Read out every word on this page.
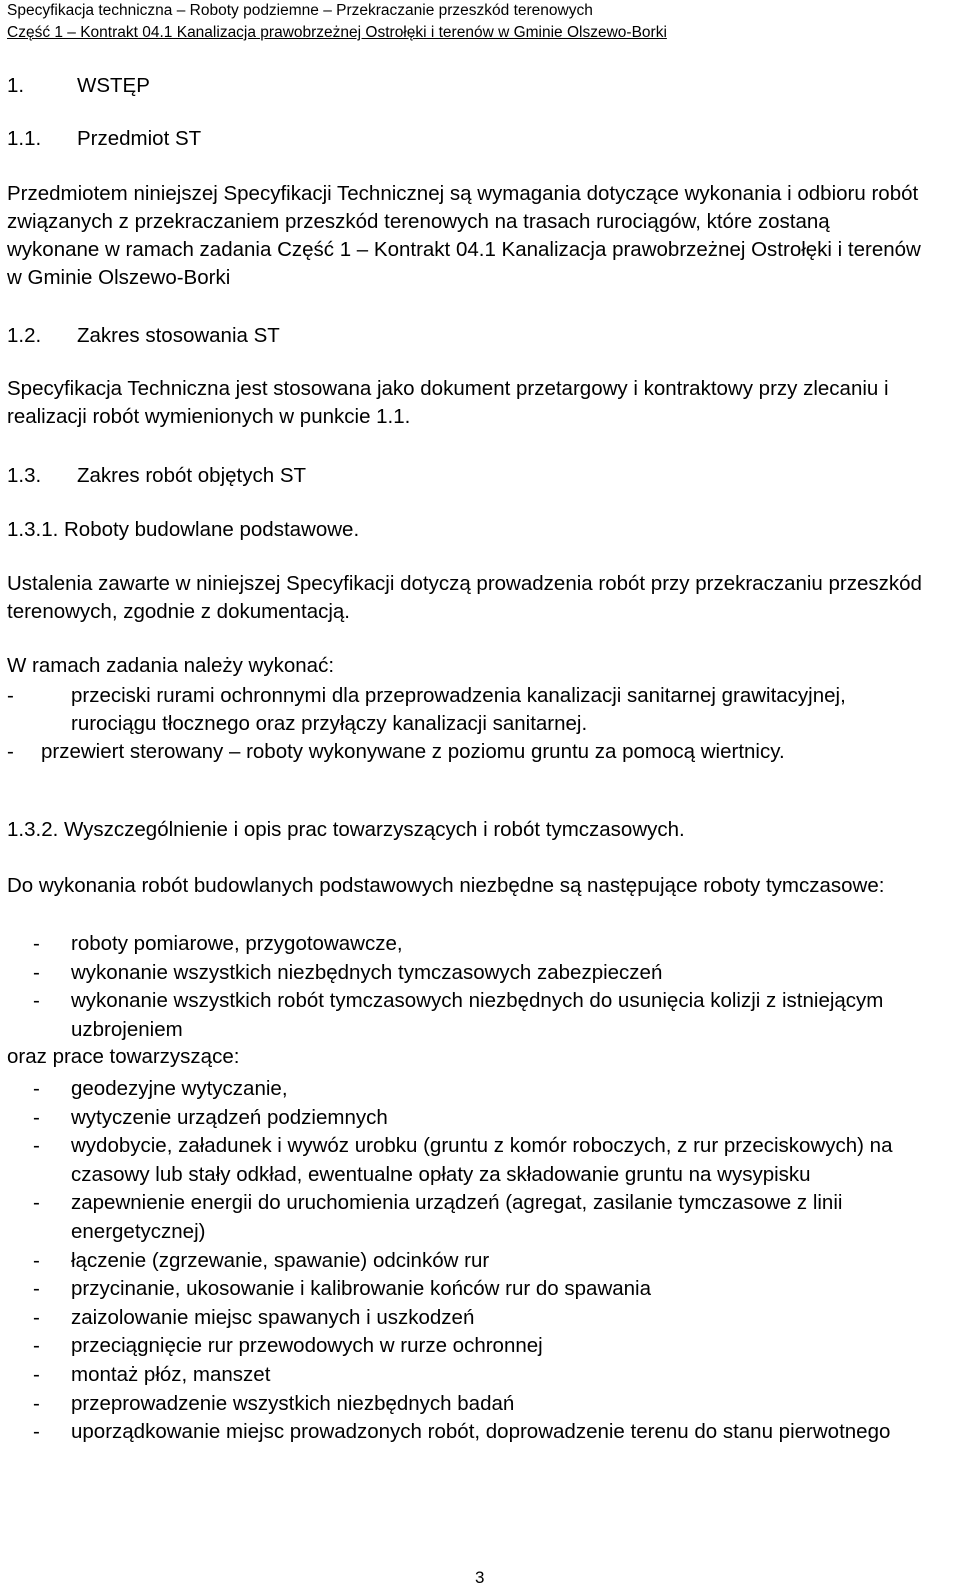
Specyfikacja techniczna – Roboty podziemne – Przekraczanie przeszkód terenowych
Część 1 – Kontrakt 04.1 Kanalizacja prawobrzeżnej Ostrołęki i terenów w Gminie Olszewo-Borki
1.	WSTĘP
1.1. Przedmiot ST
Przedmiotem niniejszej Specyfikacji Technicznej są wymagania dotyczące wykonania i odbioru robót związanych z przekraczaniem przeszkód terenowych na trasach rurociągów, które zostaną wykonane w ramach zadania Część 1 – Kontrakt 04.1 Kanalizacja prawobrzeżnej Ostrołęki i terenów w Gminie Olszewo-Borki
1.2. Zakres stosowania ST
Specyfikacja Techniczna jest stosowana jako dokument przetargowy i kontraktowy przy zlecaniu i realizacji robót wymienionych w punkcie 1.1.
1.3. Zakres robót objętych ST
1.3.1. Roboty budowlane podstawowe.
Ustalenia zawarte w niniejszej Specyfikacji dotyczą prowadzenia robót przy przekraczaniu przeszkód terenowych, zgodnie z dokumentacją.
W ramach zadania należy wykonać:
-	przeciski rurami ochronnymi dla przeprowadzenia kanalizacji sanitarnej grawitacyjnej, rurociągu tłocznego oraz przyłączy kanalizacji sanitarnej.
-	przewiert sterowany – roboty wykonywane z poziomu gruntu za pomocą wiertnicy.
1.3.2. Wyszczególnienie i opis prac towarzyszących i robót tymczasowych.
Do wykonania robót budowlanych podstawowych niezbędne są następujące roboty tymczasowe:
-	roboty pomiarowe, przygotowawcze,
-	wykonanie wszystkich niezbędnych tymczasowych zabezpieczeń
-	wykonanie wszystkich robót tymczasowych niezbędnych do usunięcia kolizji z istniejącym uzbrojeniem
oraz prace towarzyszące:
-	geodezyjne wytyczanie,
-	wytyczenie urządzeń podziemnych
-	wydobycie, załadunek i wywóz urobku (gruntu z komór roboczych, z rur przeciskowych) na czasowy lub stały odkład, ewentualne opłaty za składowanie gruntu na wysypisku
-	zapewnienie energii do uruchomienia urządzeń (agregat, zasilanie tymczasowe z linii energetycznej)
-	łączenie (zgrzewanie, spawanie) odcinków rur
-	przycinanie, ukosowanie i kalibrowanie końców rur do spawania
-	zaizolowanie miejsc spawanych i uszkodzeń
-	przeciągnięcie rur przewodowych w rurze ochronnej
-	montaż płóz, manszet
-	przeprowadzenie wszystkich niezbędnych badań
-	uporządkowanie miejsc prowadzonych robót, doprowadzenie terenu do stanu pierwotnego
3
